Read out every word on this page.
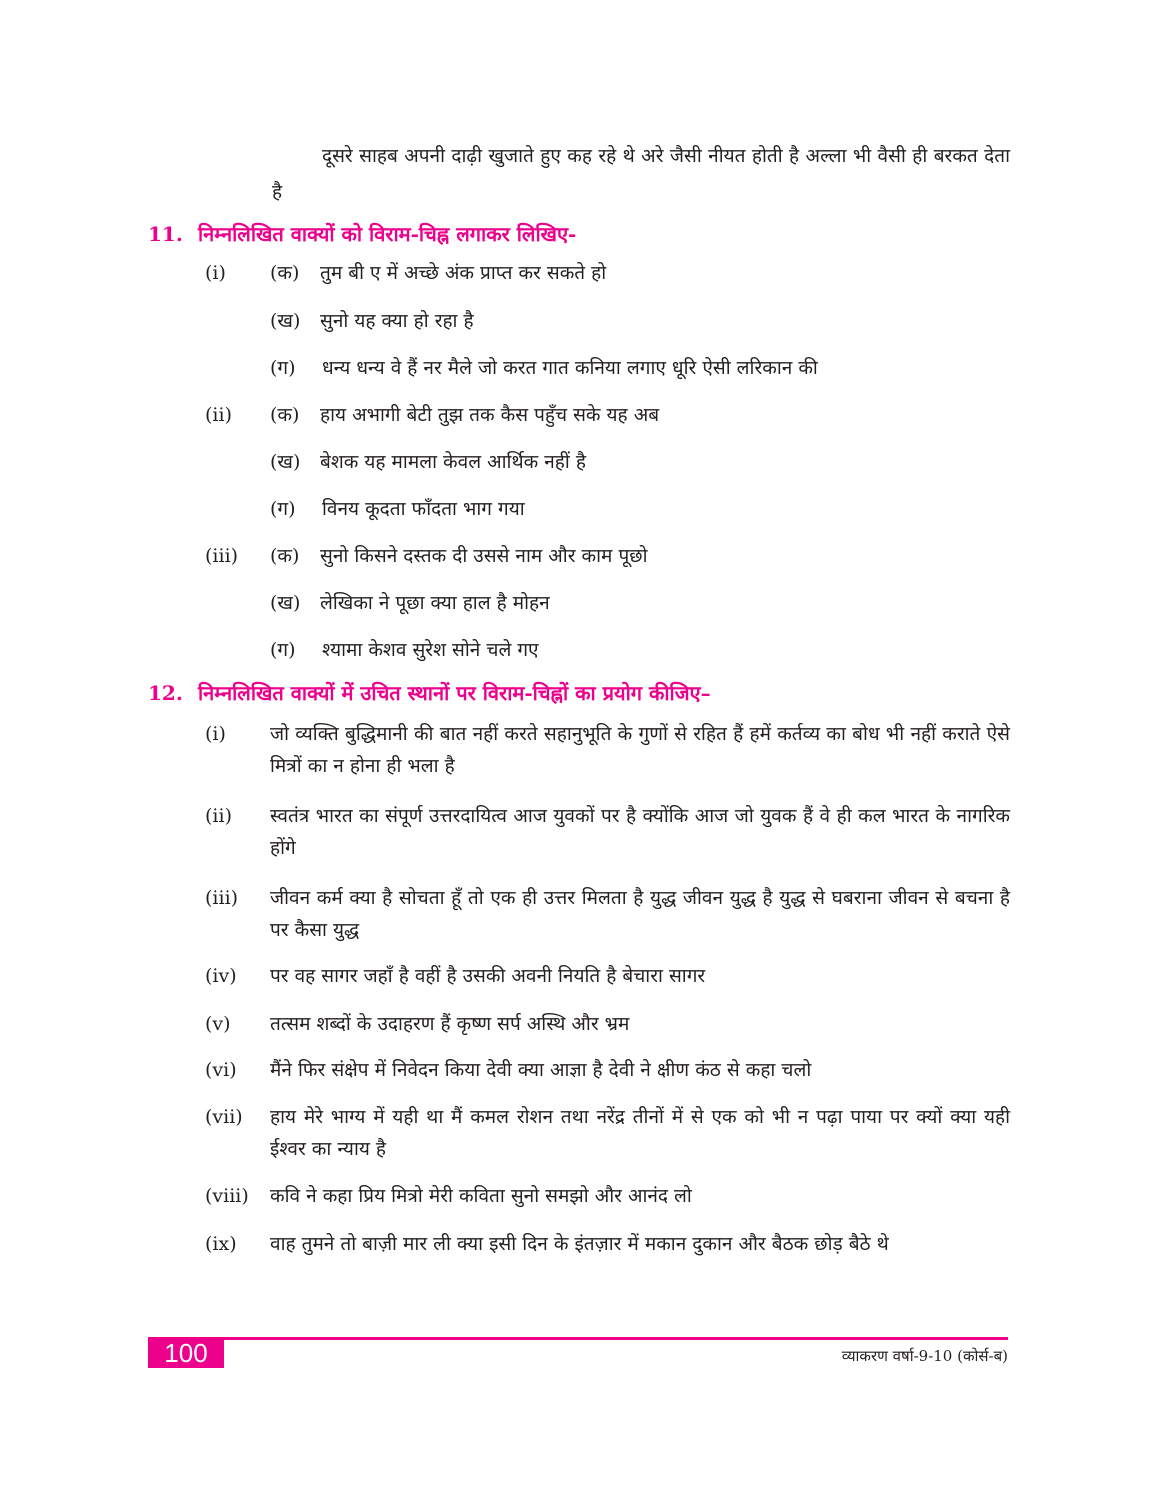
दूसरे साहब अपनी दाढ़ी खुजाते हुए कह रहे थे अरे जैसी नीयत होती है अल्ला भी वैसी ही बरकत देता है

11. निम्नलिखित वाक्यों को विराम-चिह्न लगाकर लिखिए-
(i) (क) तुम बी ए में अच्छे अंक प्राप्त कर सकते हो
(ख) सुनो यह क्या हो रहा है
(ग) धन्य धन्य वे हैं नर मैले जो करत गात कनिया लगाए धूरि ऐसी लरिकान की
(ii) (क) हाय अभागी बेटी तुझ तक कैस पहुँच सके यह अब
(ख) बेशक यह मामला केवल आर्थिक नहीं है
(ग) विनय कूदता फाँदता भाग गया
(iii) (क) सुनो किसने दस्तक दी उससे नाम और काम पूछो
(ख) लेखिका ने पूछा क्या हाल है मोहन
(ग) श्यामा केशव सुरेश सोने चले गए
12. निम्नलिखित वाक्यों में उचित स्थानों पर विराम-चिह्नों का प्रयोग कीजिए–
(i) जो व्यक्ति बुद्धिमानी की बात नहीं करते सहानुभूति के गुणों से रहित हैं हमें कर्तव्य का बोध भी नहीं कराते ऐसे मित्रों का न होना ही भला है
(ii) स्वतंत्र भारत का संपूर्ण उत्तरदायित्व आज युवकों पर है क्योंकि आज जो युवक हैं वे ही कल भारत के नागरिक होंगे
(iii) जीवन कर्म क्या है सोचता हूँ तो एक ही उत्तर मिलता है युद्ध जीवन युद्ध है युद्ध से घबराना जीवन से बचना है पर कैसा युद्ध
(iv) पर वह सागर जहाँ है वहीं है उसकी अवनी नियति है बेचारा सागर
(v) तत्सम शब्दों के उदाहरण हैं कृष्ण सर्प अस्थि और भ्रम
(vi) मैंने फिर संक्षेप में निवेदन किया देवी क्या आज्ञा है देवी ने क्षीण कंठ से कहा चलो
(vii) हाय मेरे भाग्य में यही था मैं कमल रोशन तथा नरेंद्र तीनों में से एक को भी न पढ़ा पाया पर क्यों क्या यही ईश्वर का न्याय है
(viii) कवि ने कहा प्रिय मित्रो मेरी कविता सुनो समझो और आनंद लो
(ix) वाह तुमने तो बाज़ी मार ली क्या इसी दिन के इंतज़ार में मकान दुकान और बैठक छोड़ बैठे थे
100	व्याकरण वर्षा-9-10 (कोर्स-ब)
